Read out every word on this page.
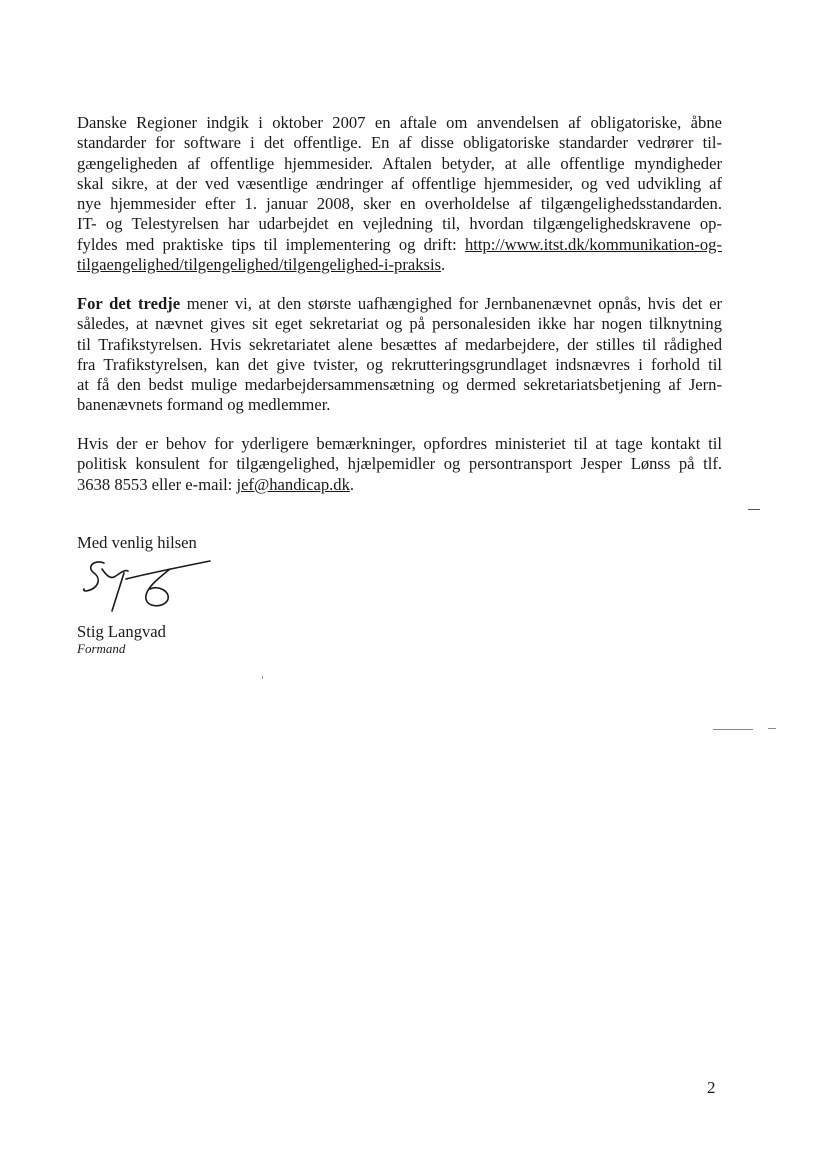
Danske Regioner indgik i oktober 2007 en aftale om anvendelsen af obligatoriske, åbne
standarder for software i det offentlige. En af disse obligatoriske standarder vedrører til-
gængeligheden af offentlige hjemmesider. Aftalen betyder, at alle offentlige myndigheder
skal sikre, at der ved væsentlige ændringer af offentlige hjemmesider, og ved udvikling af
nye hjemmesider efter 1. januar 2008, sker en overholdelse af tilgængelighedsstandarden.
IT- og Telestyrelsen har udarbejdet en vejledning til, hvordan tilgængelighedskravene op-
fyldes med praktiske tips til implementering og drift: http://www.itst.dk/kommunikation-og-
tilgaengelighed/tilgengelighed/tilgengelighed-i-praksis.
For det tredje mener vi, at den største uafhængighed for Jernbanenævnet opnås, hvis det er
således, at nævnet gives sit eget sekretariat og på personalesiden ikke har nogen tilknytning
til Trafikstyrelsen. Hvis sekretariatet alene besættes af medarbejdere, der stilles til rådighed
fra Trafikstyrelsen, kan det give tvister, og rekrutteringsgrundlaget indsnævres i forhold til
at få den bedst mulige medarbejdersammensætning og dermed sekretariatsbetjening af Jern-
banenævnets formand og medlemmer.
Hvis der er behov for yderligere bemærkninger, opfordres ministeriet til at tage kontakt til
politisk konsulent for tilgængelighed, hjælpemidler og persontransport Jesper Lønss på tlf.
3638 8553 eller e-mail: jef@handicap.dk.
Med venlig hilsen
Stig Langvad
Formand
2
